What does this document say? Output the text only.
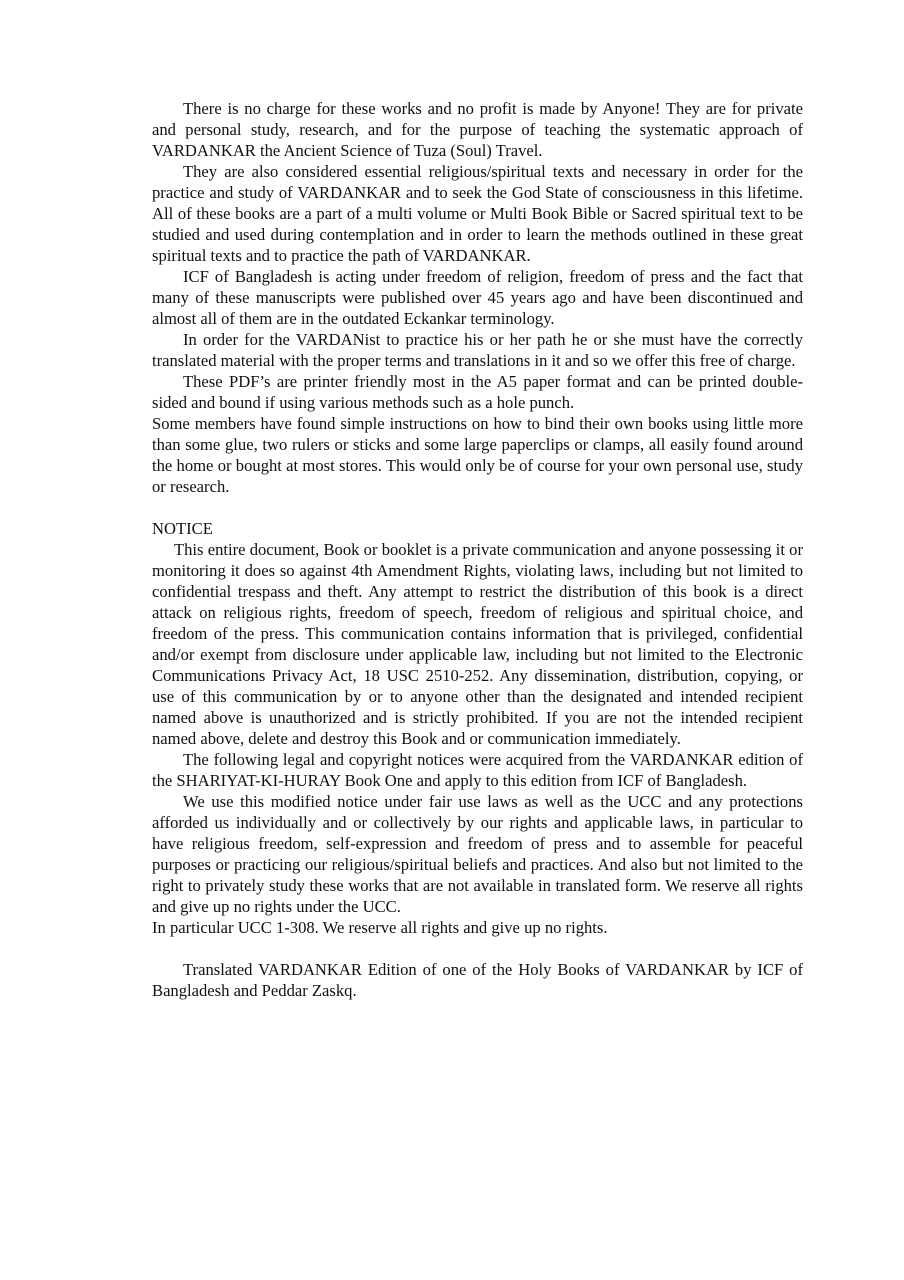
There is no charge for these works and no profit is made by Anyone! They are for private and personal study, research, and for the purpose of teaching the systematic approach of VARDANKAR the Ancient Science of Tuza (Soul) Travel.

They are also considered essential religious/spiritual texts and necessary in order for the practice and study of VARDANKAR and to seek the God State of consciousness in this lifetime. All of these books are a part of a multi volume or Multi Book Bible or Sacred spiritual text to be studied and used during contemplation and in order to learn the methods outlined in these great spiritual texts and to practice the path of VARDANKAR.

ICF of Bangladesh is acting under freedom of religion, freedom of press and the fact that many of these manuscripts were published over 45 years ago and have been discontinued and almost all of them are in the outdated Eckankar terminology.

In order for the VARDANist to practice his or her path he or she must have the correctly translated material with the proper terms and translations in it and so we offer this free of charge.

These PDF’s are printer friendly most in the A5 paper format and can be printed double-sided and bound if using various methods such as a hole punch.

Some members have found simple instructions on how to bind their own books using little more than some glue, two rulers or sticks and some large paperclips or clamps, all easily found around the home or bought at most stores. This would only be of course for your own personal use, study or research.

NOTICE

This entire document, Book or booklet is a private communication and anyone possessing it or monitoring it does so against 4th Amendment Rights, violating laws, including but not limited to confidential trespass and theft. Any attempt to restrict the distribution of this book is a direct attack on religious rights, freedom of speech, freedom of religious and spiritual choice, and freedom of the press. This communication contains information that is privileged, confidential and/or exempt from disclosure under applicable law, including but not limited to the Electronic Communications Privacy Act, 18 USC 2510-252. Any dissemination, distribution, copying, or use of this communication by or to anyone other than the designated and intended recipient named above is unauthorized and is strictly prohibited. If you are not the intended recipient named above, delete and destroy this Book and or communication immediately.

The following legal and copyright notices were acquired from the VARDANKAR edition of the SHARIYAT-KI-HURAY Book One and apply to this edition from ICF of Bangladesh.

We use this modified notice under fair use laws as well as the UCC and any protections afforded us individually and or collectively by our rights and applicable laws, in particular to have religious freedom, self-expression and freedom of press and to assemble for peaceful purposes or practicing our religious/spiritual beliefs and practices. And also but not limited to the right to privately study these works that are not available in translated form. We reserve all rights and give up no rights under the UCC.

In particular UCC 1-308. We reserve all rights and give up no rights.

Translated VARDANKAR Edition of one of the Holy Books of VARDANKAR by ICF of Bangladesh and Peddar Zaskq.
